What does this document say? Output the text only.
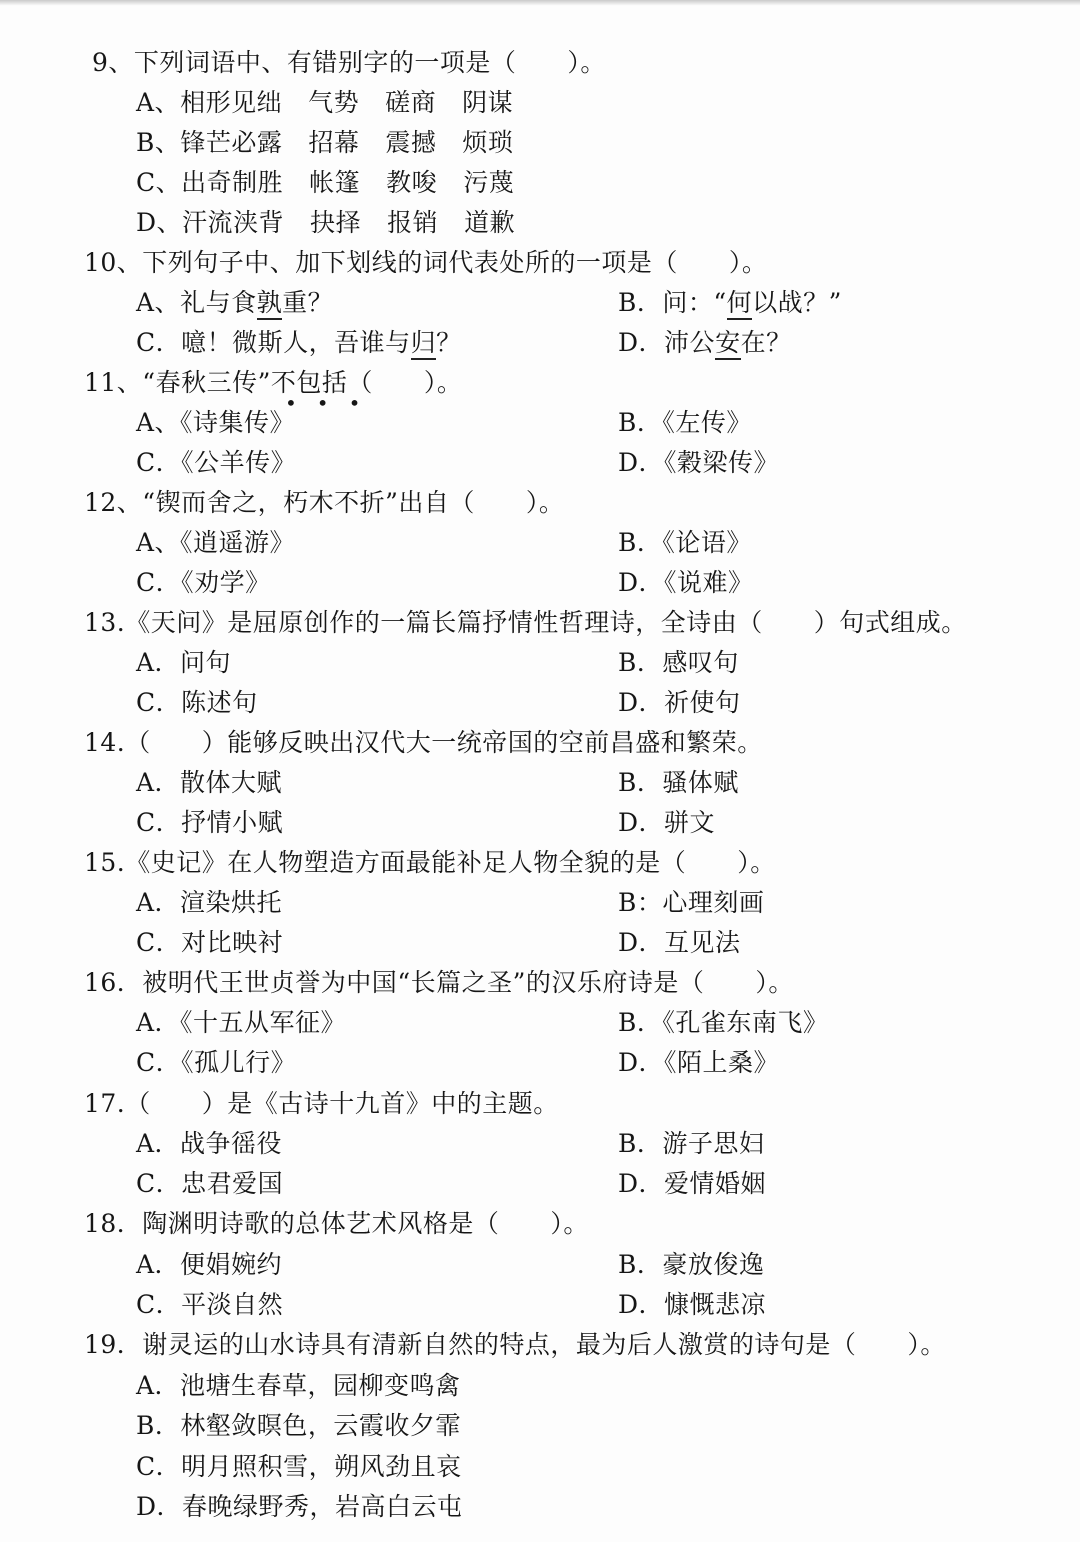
9、下列词语中、有错别字的一项是（　　）。
A、相形见绌 气势 磋商 阴谋
B、锋芒必露 招幕 震撼 烦琐
C、出奇制胜 帐篷 教唆 污蔑
D、汗流浃背 抉择 报销 道歉
10、下列句子中、加下划线的词代表处所的一项是（　　）。
A、礼与食孰重？	B．问：“何以战？”
C．噫！微斯人，吾谁与归？	D．沛公安在？
11、“春秋三传”不包括（　　）。
•••
A、《诗集传》	B．《左传》
C．《公羊传》	D．《穀梁传》
12、“锲而舍之，朽木不折”出自（　　）。
A、《逍遥游》	B．《论语》
C．《劝学》	D．《说难》
13.《天问》是屈原创作的一篇长篇抒情性哲理诗，全诗由（　　）句式组成。
A．问句	B．感叹句
C．陈述句	D．祈使句
14.（　　）能够反映出汉代大一统帝国的空前昌盛和繁荣。
A．散体大赋	B．骚体赋
C．抒情小赋	D．骈文
15.《史记》在人物塑造方面最能补足人物全貌的是（　　）。
A．渲染烘托	B：心理刻画
C．对比映衬	D．互见法
16．被明代王世贞誉为中国“长篇之圣”的汉乐府诗是（　　）。
A．《十五从军征》	B．《孔雀东南飞》
C．《孤儿行》	D．《陌上桑》
17.（　　）是《古诗十九首》中的主题。
A．战争徭役	B．游子思妇
C．忠君爱国	D．爱情婚姻
18．陶渊明诗歌的总体艺术风格是（　　）。
A．便娟婉约	B．豪放俊逸
C．平淡自然	D．慷慨悲凉
19．谢灵运的山水诗具有清新自然的特点，最为后人激赏的诗句是（　　）。
A．池塘生春草，园柳变鸣禽
B．林壑敛暝色，云霞收夕霏
C．明月照积雪，朔风劲且哀
D．春晚绿野秀，岩高白云屯
